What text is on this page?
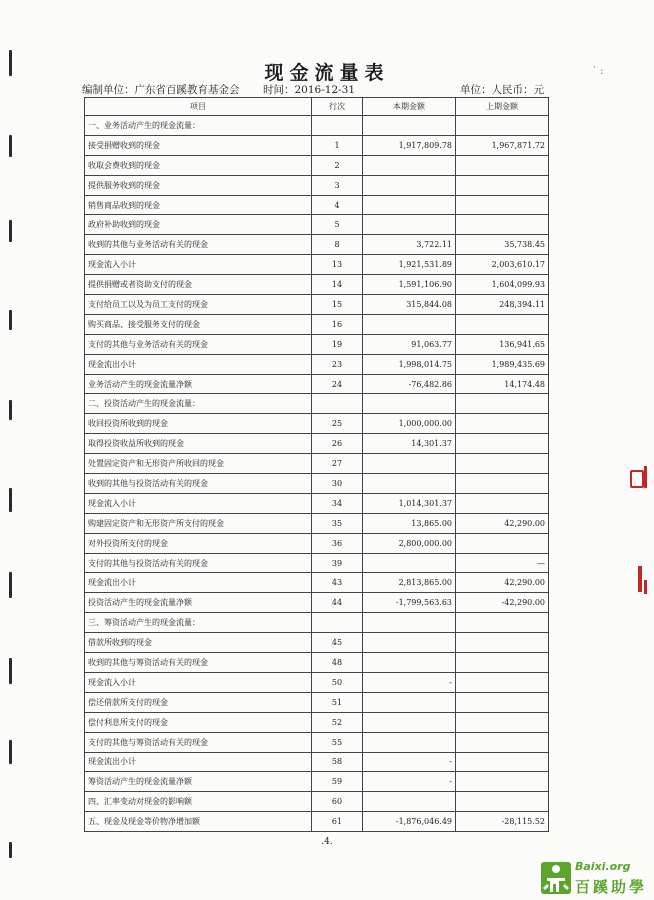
˙ :
现金流量表
编制单位：广东省百蹊教育基金会 时间：2016-12-31	单位：人民币：元
项目	行次	本期金额	上期金额
一、业务活动产生的现金流量：			
接受捐赠收到的现金	1	1,917,809.78	1,967,871.72
收取会费收到的现金	2		
提供服务收到的现金	3		
销售商品收到的现金	4		
政府补助收到的现金	5		
收到的其他与业务活动有关的现金	8	3,722.11	35,738.45
现金流入小计	13	1,921,531.89	2,003,610.17
提供捐赠或者资助支付的现金	14	1,591,106.90	1,604,099.93
支付给员工以及为员工支付的现金	15	315,844.08	248,394.11
购买商品、接受服务支付的现金	16		
支付的其他与业务活动有关的现金	19	91,063.77	136,941.65
现金流出小计	23	1,998,014.75	1,989,435.69
业务活动产生的现金流量净额	24	-76,482.86	14,174.48
二、投资活动产生的现金流量：			
收回投资所收到的现金	25	1,000,000.00	
取得投资收益所收到的现金	26	14,301.37	
处置固定资产和无形资产所收回的现金	27		
收到的其他与投资活动有关的现金	30		
现金流入小计	34	1,014,301.37	
购建固定资产和无形资产所支付的现金	35	13,865.00	42,290.00
对外投资所支付的现金	36	2,800,000.00	
支付的其他与投资活动有关的现金	39		—
现金流出小计	43	2,813,865.00	42,290.00
投资活动产生的现金流量净额	44	-1,799,563.63	-42,290.00
三、筹资活动产生的现金流量：			
借款所收到的现金	45		
收到的其他与筹资活动有关的现金	48		
现金流入小计	50	-	
偿还借款所支付的现金	51		
偿付利息所支付的现金	52		
支付的其他与筹资活动有关的现金	55		
现金流出小计	58	-	
筹资活动产生的现金流量净额	59	-	
四、汇率变动对现金的影响额	60		
五、现金及现金等价物净增加额	61	-1,876,046.49	-28,115.52
.4.
Baixi.org
百蹊助學
